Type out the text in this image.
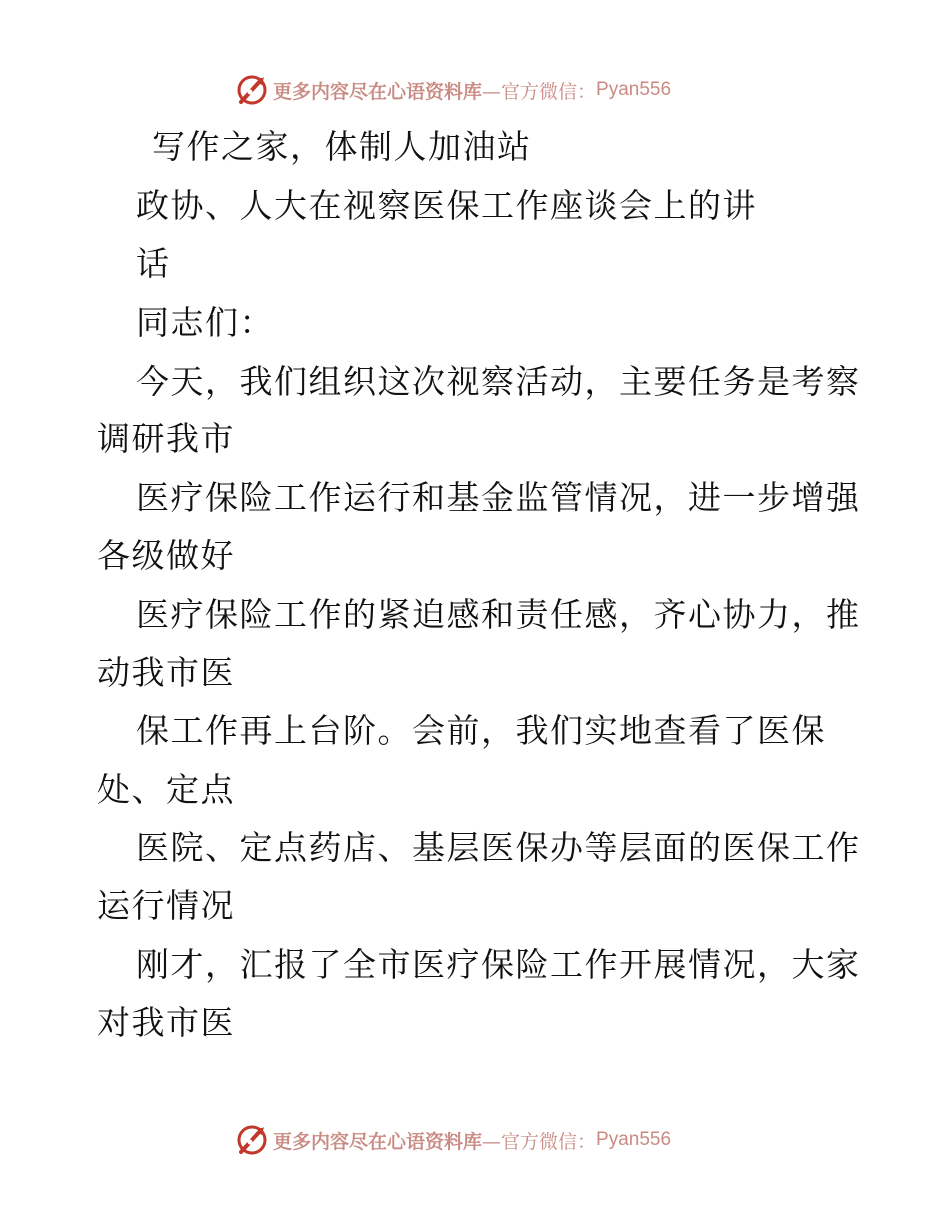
更多内容尽在心语资料库 —官方微信： Pyan556
写作之家，体制人加油站
政协、人大在视察医保工作座谈会上的讲
话
同志们：
今天，我们组织这次视察活动，主要任务是考察
调研我市
医疗保险工作运行和基金监管情况，进一步增强
各级做好
医疗保险工作的紧迫感和责任感，齐心协力，推
动我市医
保工作再上台阶。会前，我们实地查看了医保
处、定点
医院、定点药店、基层医保办等层面的医保工作
运行情况
刚才，汇报了全市医疗保险工作开展情况，大家
对我市医
更多内容尽在心语资料库 —官方微信： Pyan556
